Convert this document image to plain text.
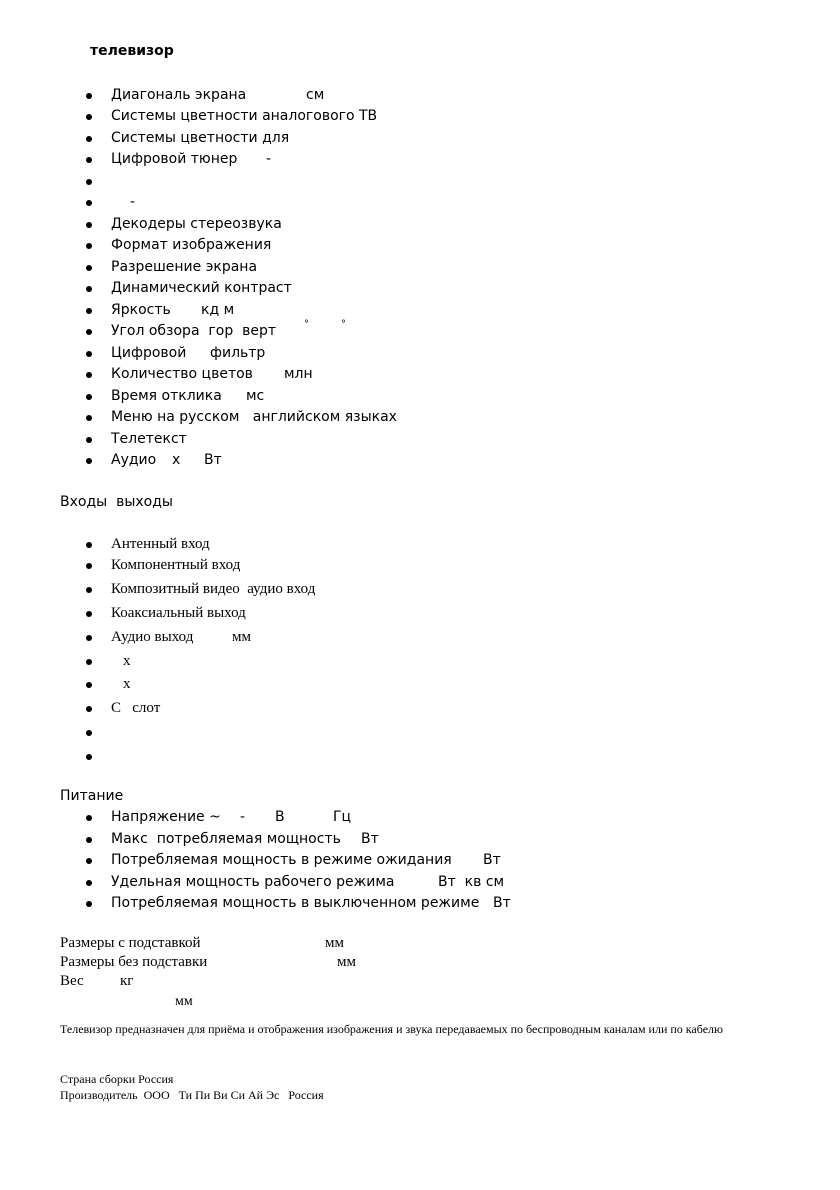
телевизор
Диагональ экрана	см
Системы цветности аналогового ТВ
Системы цветности для
Цифровой тюнер -
-
Декодеры стереозвука
Формат изображения
Разрешение экрана
Динамический контраст
Яркость кд м
Угол обзора  гор  верт	°	°
Цифровой фильтр
Количество цветов млн
Время отклика мс
Меню на русском   английском языках
Телетекст
Аудио х Вт
Входы  выходы
Антенный вход
Компонентный вход
Композитный видео  аудио вход
Коаксиальный выход
Аудио выход	мм
х
х
С   слот
Питание
Напряжение ~ - В	Гц
Макс  потребляемая мощность Вт
Потребляемая мощность в режиме ожидания Вт
Удельная мощность рабочего режима	Вт  кв см
Потребляемая мощность в выключенном режиме Вт
Размеры с подставкой	мм
Размеры без подставки	мм
Вес кг
мм
Телевизор предназначен для приёма и отображения изображения и звука передаваемых по беспроводным каналам или по кабелю
Страна сборки Россия
Производитель  ООО   Ти Пи Ви Си Ай Эс   Россия
